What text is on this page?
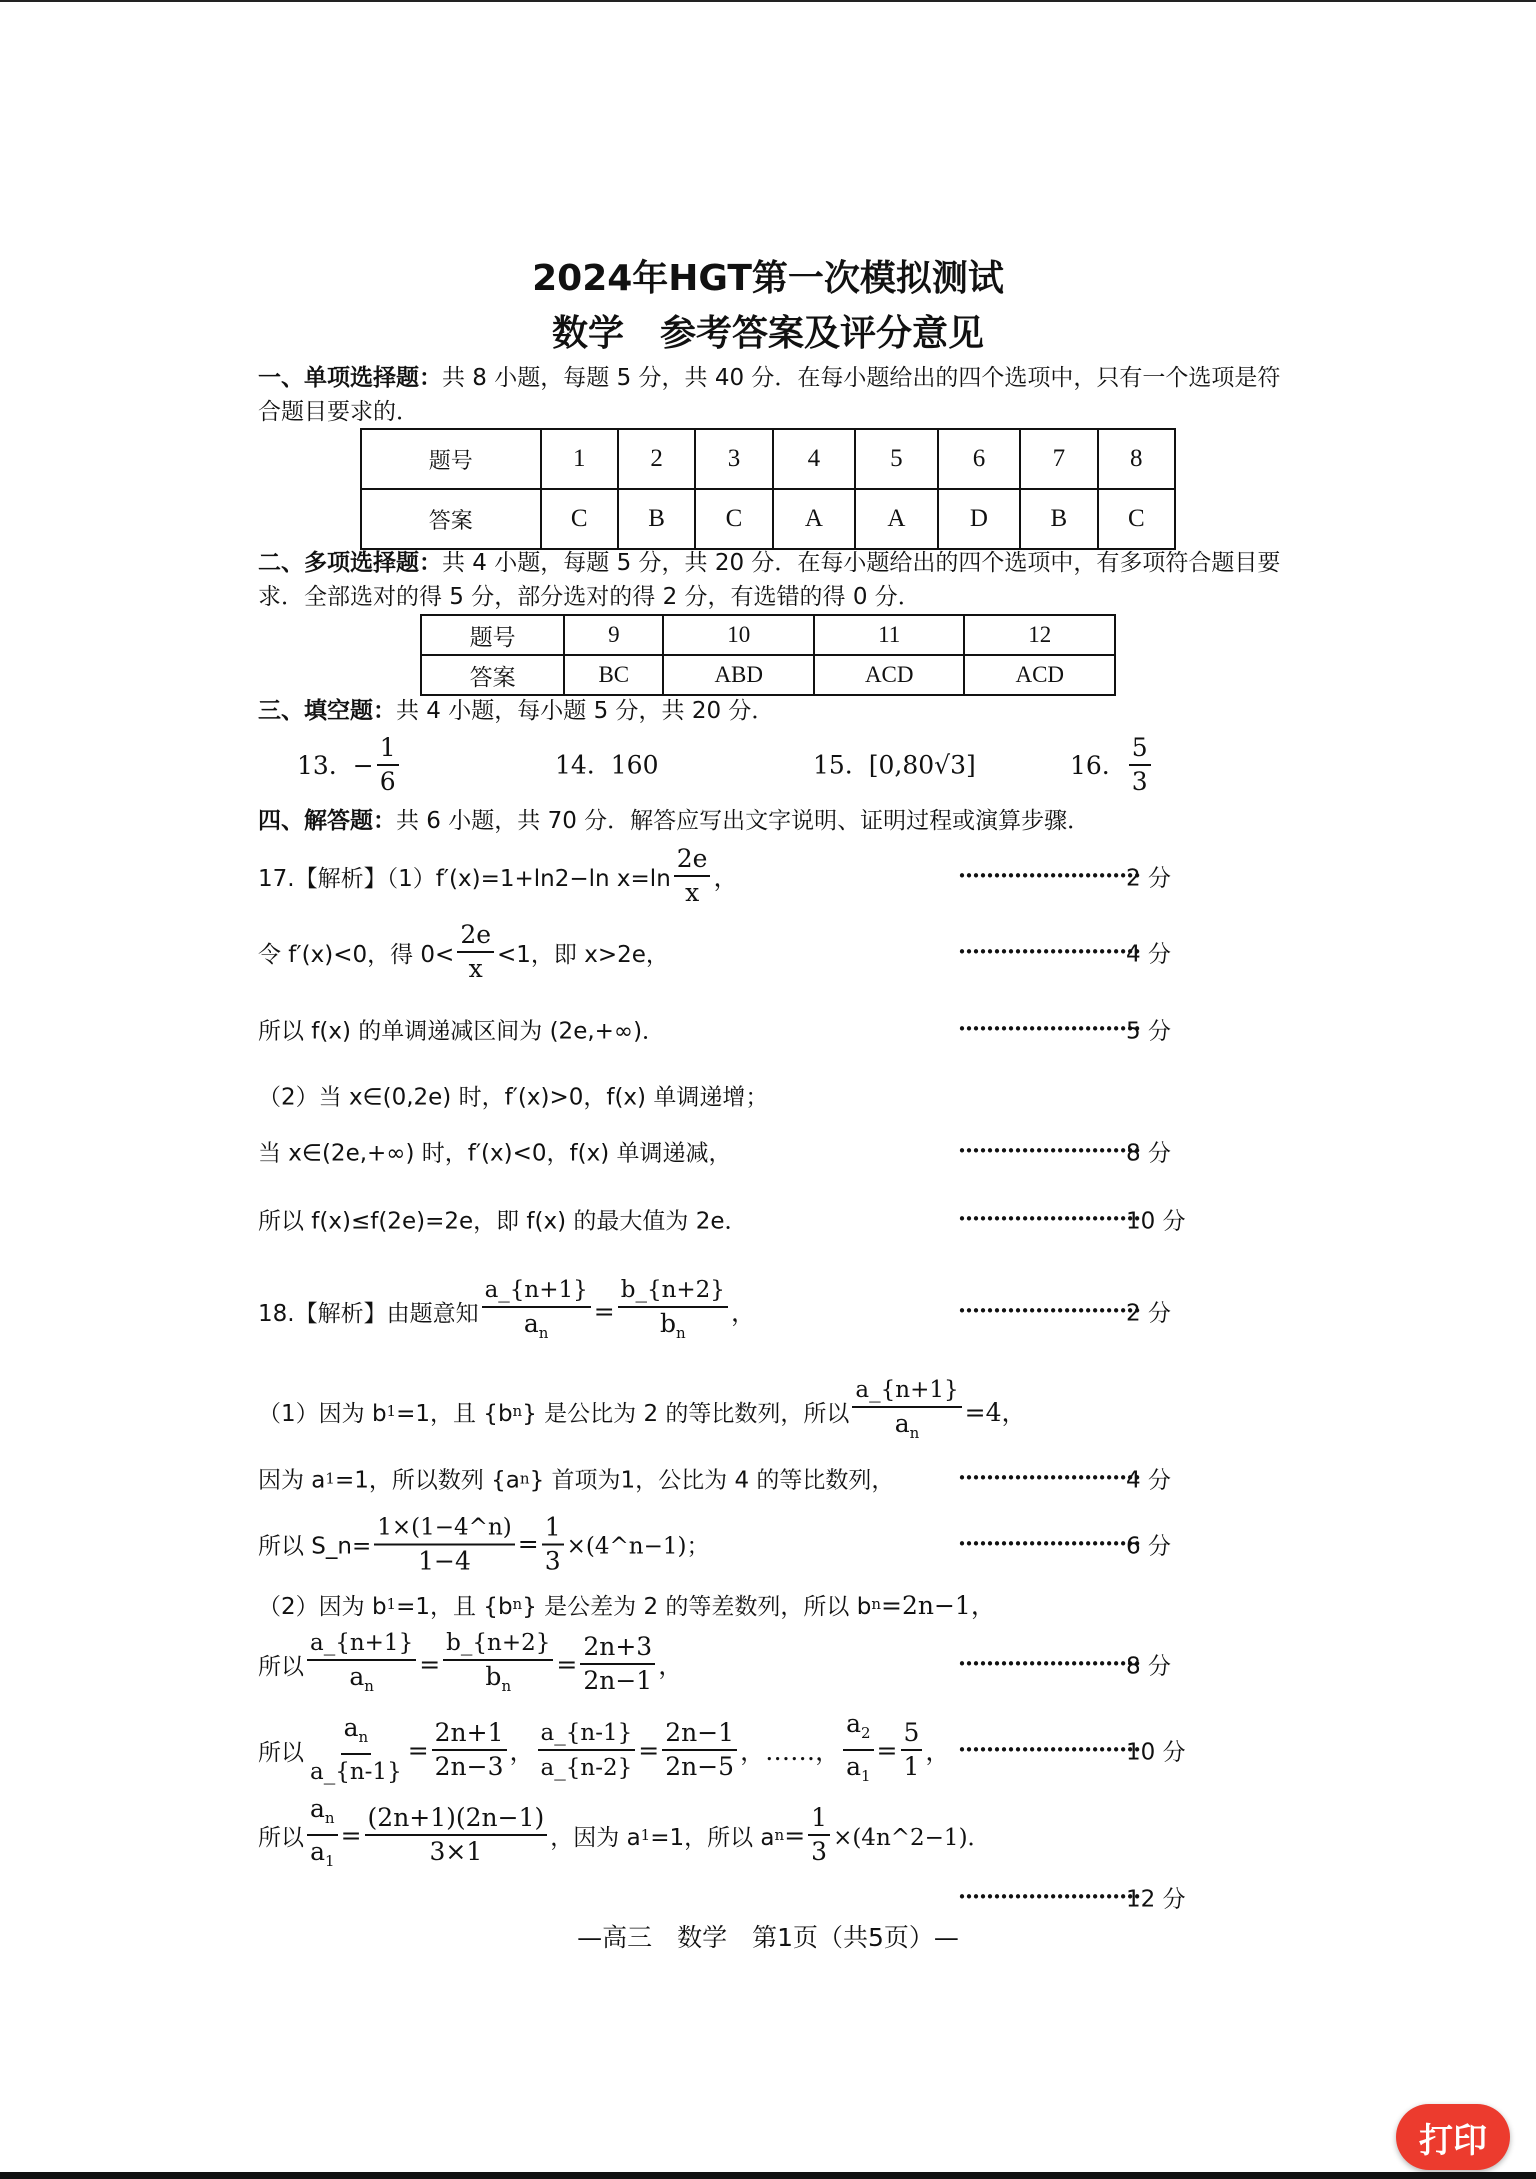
2024年HGT第一次模拟测试
数学　参考答案及评分意见
一、单项选择题：共 8 小题，每题 5 分，共 40 分．在每小题给出的四个选项中，只有一个选项是符合题目要求的．
题号	1	2	3	4	5	6	7	8
答案	C	B	C	A	A	D	B	C
二、多项选择题：共 4 小题，每题 5 分，共 20 分．在每小题给出的四个选项中，有多项符合题目要求．全部选对的得 5 分，部分选对的得 2 分，有选错的得 0 分．
题号	9	10	11	12
答案	BC	ABD	ACD	ACD
三、填空题：共 4 小题，每小题 5 分，共 20 分．
13. − $\frac{1}{6}$	14. 160	15. [0,80√3]	16. $\frac{5}{3}$
四、解答题：共 6 小题，共 70 分．解答应写出文字说明、证明过程或演算步骤．
17.【解析】（1）f′(x)=1+ln2−ln $x=\ln \frac{2e}{x}$ ，	··························
2 分
令 f′(x)<0，得 $0< \frac{2e}{x} <1$，即 x>2e，	··························
4 分
所以 f(x) 的单调递减区间为 (2e,+∞)．	··························
5 分
（2）当 x∈(0,2e) 时，f′(x)>0，f(x) 单调递增；
当 x∈(2e,+∞) 时，f′(x)<0，f(x) 单调递减，	··························
8 分
所以 f(x)≤f(2e)=2e，即 f(x) 的最大值为 2e．	··························
10 分
18.【解析】由题意知 $\frac{a\_\{n+1\}}{a_n} = \frac{b\_\{n+2\}}{b_n}$ ，	··························
2 分
（1）因为 b 1 =1，且 {b n } 是公比为 2 的等比数列，所以 $\frac{a\_\{n+1\}}{a_n} =4$，
因为 a 1 =1，所以数列 {a n } 首项为1，公比为 4 的等比数列，	··························
4 分
所以 S_n= $\frac{1\times(1-4\^{}n)}{1-4} = \frac{1}{3}$ ×(4^n−1)；	··························
6 分
（2）因为 b 1 =1，且 {b n } 是公差为 2 的等差数列，所以 b n =2n−1，
所以 $\frac{a\_\{n+1\}}{a_n} = \frac{b\_\{n+2\}}{b_n} = \frac{2n+3}{2n-1}$ ，	··························
8 分
所以 $\frac{a_n}{a\_\{n-1\}} = \frac{2n+1}{2n-3}$ ， $\frac{a\_\{n-1\}}{a\_\{n-2\}} = \frac{2n-1}{2n-5}$ ，……， $\frac{a_2}{a_1} = \frac{5}{1}$ ， ··························
10 分
所以 $\frac{a_n}{a_1} = \frac{(2n+1)(2n-1)}{3\times 1}$ ，因为 a 1 =1，所以 a $n = \frac{1}{3}$ ×(4n^2−1)．
··························
12 分
—高三　数学　第1页（共5页）—
打印
